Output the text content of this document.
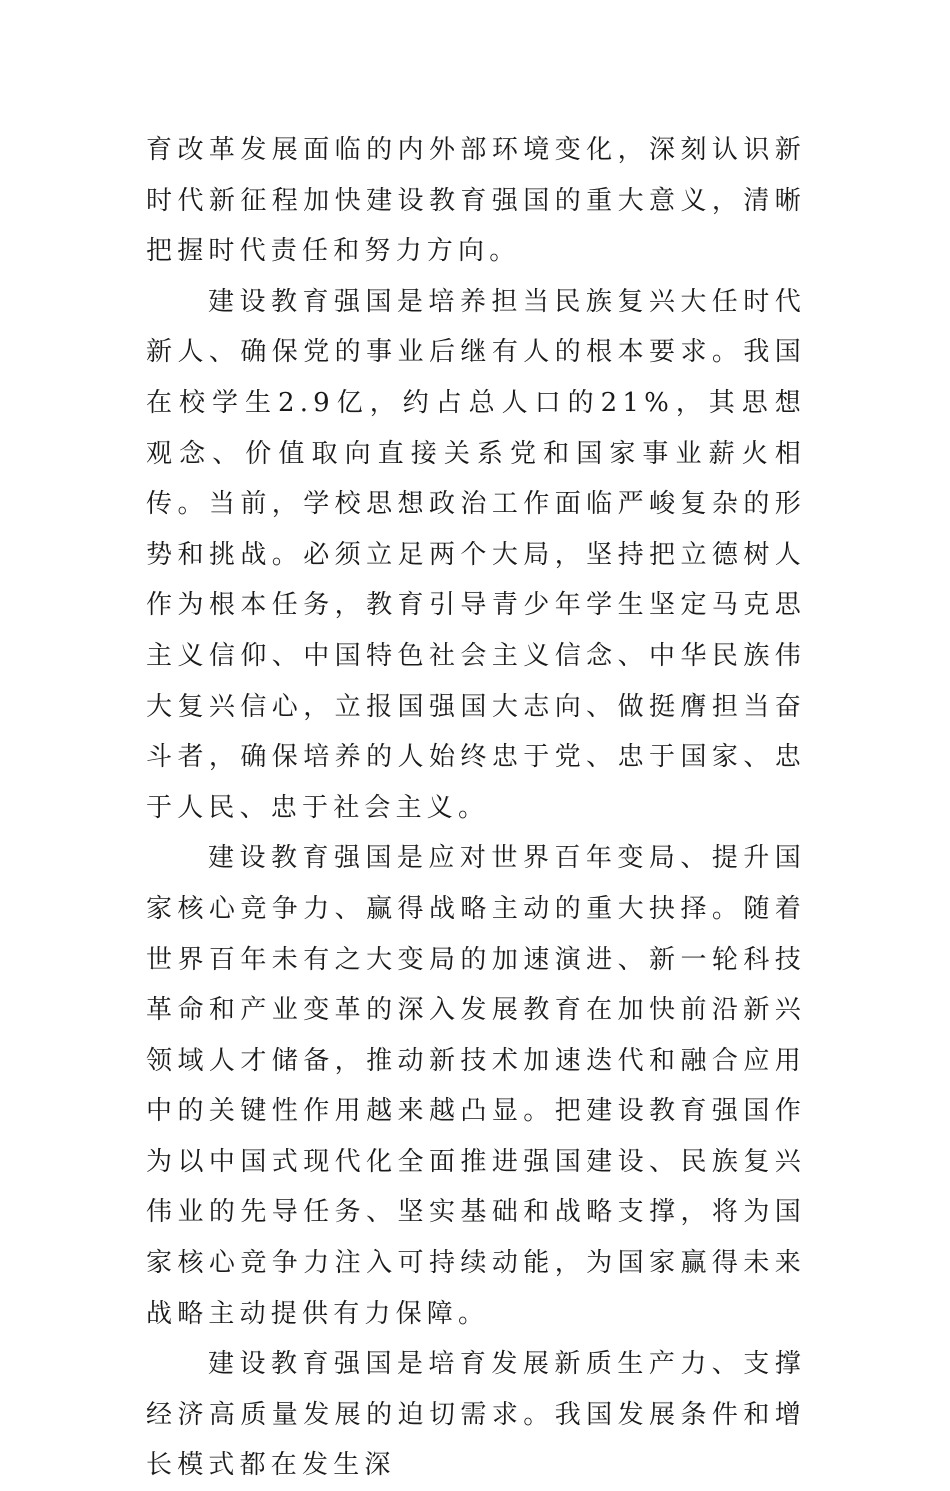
育改革发展面临的内外部环境变化，深刻认识新时代新征程加快建设教育强国的重大意义，清晰把握时代责任和努力方向。

建设教育强国是培养担当民族复兴大任时代新人、确保党的事业后继有人的根本要求。我国在校学生2.9亿，约占总人口的21%，其思想观念、价值取向直接关系党和国家事业薪火相传。当前，学校思想政治工作面临严峻复杂的形势和挑战。必须立足两个大局，坚持把立德树人作为根本任务，教育引导青少年学生坚定马克思主义信仰、中国特色社会主义信念、中华民族伟大复兴信心，立报国强国大志向、做挺膺担当奋斗者，确保培养的人始终忠于党、忠于国家、忠于人民、忠于社会主义。

建设教育强国是应对世界百年变局、提升国家核心竞争力、赢得战略主动的重大抉择。随着世界百年未有之大变局的加速演进、新一轮科技革命和产业变革的深入发展教育在加快前沿新兴领域人才储备，推动新技术加速迭代和融合应用中的关键性作用越来越凸显。把建设教育强国作为以中国式现代化全面推进强国建设、民族复兴伟业的先导任务、坚实基础和战略支撑，将为国家核心竞争力注入可持续动能，为国家赢得未来战略主动提供有力保障。

建设教育强国是培育发展新质生产力、支撑经济高质量发展的迫切需求。我国发展条件和增长模式都在发生深
